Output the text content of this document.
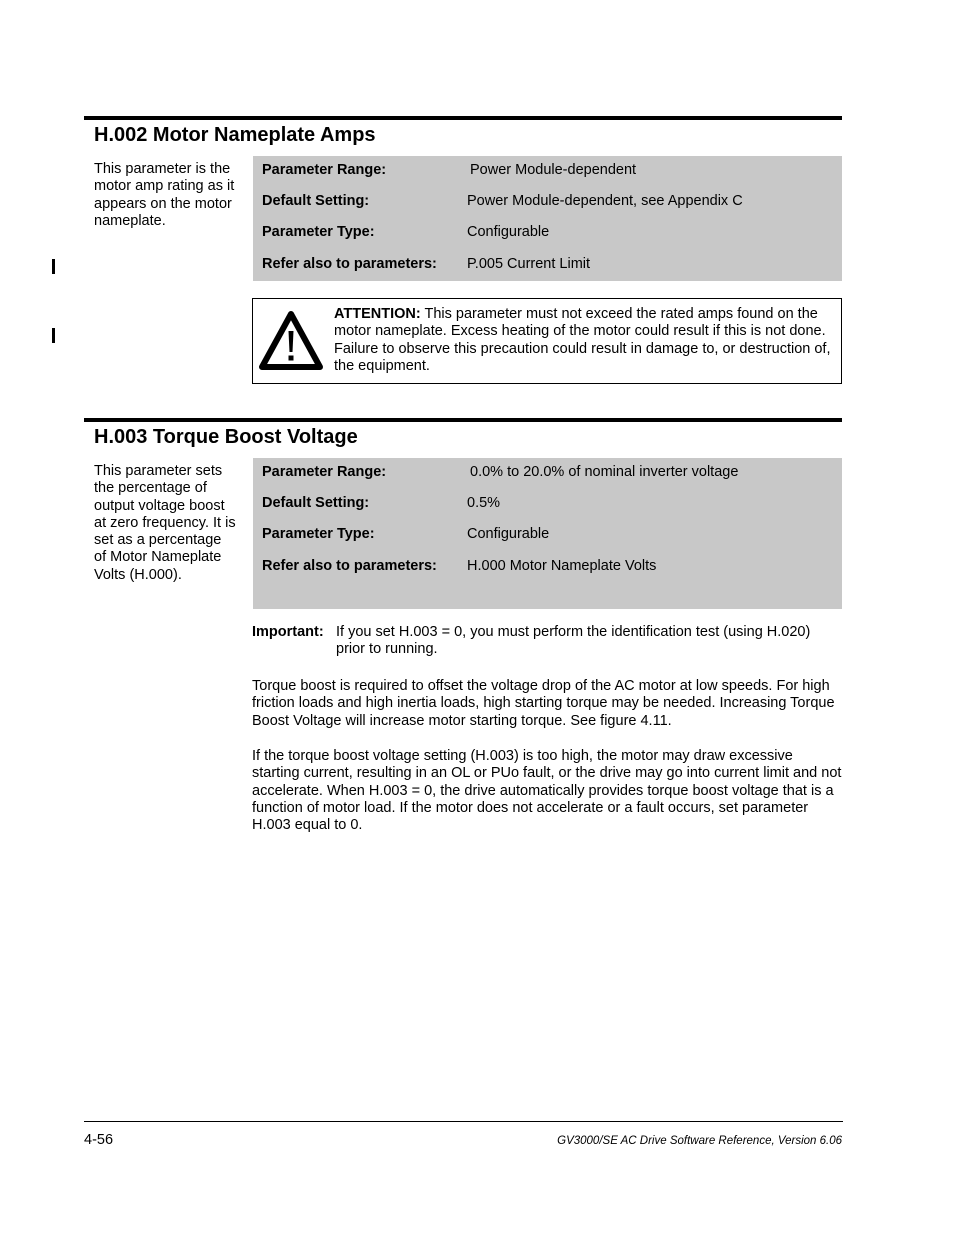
H.002 Motor Nameplate Amps
This parameter is the motor amp rating as it appears on the motor nameplate.
Parameter Range:	Power Module-dependent
Default Setting:	Power Module-dependent, see Appendix C
Parameter Type:	Configurable
Refer also to parameters: P.005 Current Limit
ATTENTION: This parameter must not exceed the rated amps found on the motor nameplate. Excess heating of the motor could result if this is not done. Failure to observe this precaution could result in damage to, or destruction of, the equipment.
H.003 Torque Boost Voltage
This parameter sets the percentage of output voltage boost at zero frequency. It is set as a percentage of Motor Nameplate Volts (H.000).
Parameter Range:	0.0% to 20.0% of nominal inverter voltage
Default Setting:	0.5%
Parameter Type:	Configurable
Refer also to parameters: H.000 Motor Nameplate Volts
Important: If you set H.003 = 0, you must perform the identification test (using H.020) prior to running.
Torque boost is required to offset the voltage drop of the AC motor at low speeds. For high friction loads and high inertia loads, high starting torque may be needed. Increasing Torque Boost Voltage will increase motor starting torque. See figure 4.11.
If the torque boost voltage setting (H.003) is too high, the motor may draw excessive starting current, resulting in an OL or PUo fault, or the drive may go into current limit and not accelerate. When H.003 = 0, the drive automatically provides torque boost voltage that is a function of motor load. If the motor does not accelerate or a fault occurs, set parameter H.003 equal to 0.
4-56	GV3000/SE AC Drive Software Reference, Version 6.06
